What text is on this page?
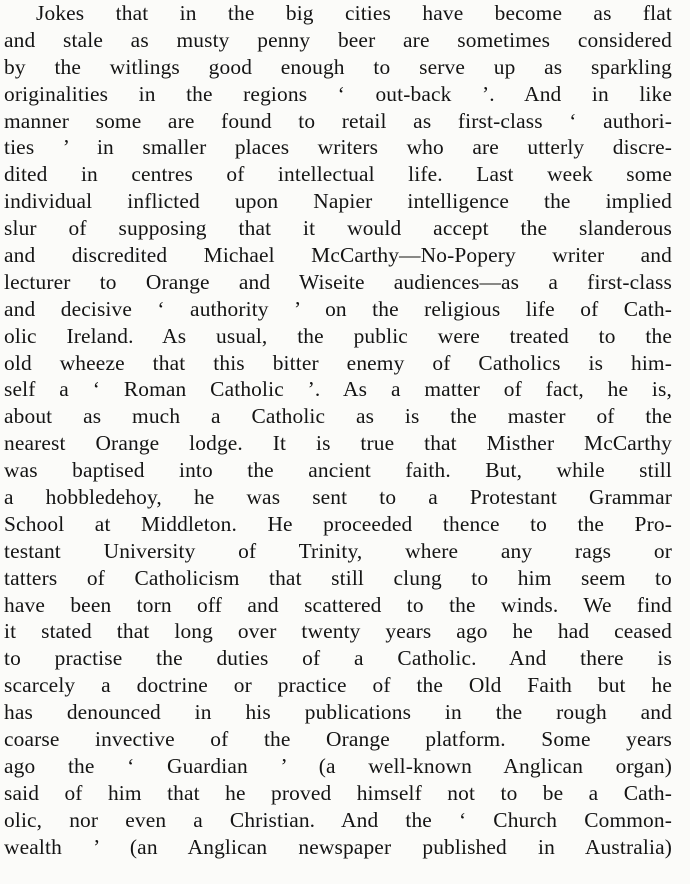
Jokes that in the big cities have become as flat
and stale as musty penny beer are sometimes considered
by the witlings good enough to serve up as sparkling
originalities in the regions ‘ out-back ’. And in like
manner some are found to retail as first-class ‘ authori-
ties ’ in smaller places writers who are utterly discre-
dited in centres of intellectual life. Last week some
individual inflicted upon Napier intelligence the implied
slur of supposing that it would accept the slanderous
and discredited Michael McCarthy—No-Popery writer and
lecturer to Orange and Wiseite audiences—as a first-class
and decisive ‘ authority ’ on the religious life of Cath-
olic Ireland. As usual, the public were treated to the
old wheeze that this bitter enemy of Catholics is him-
self a ‘ Roman Catholic ’. As a matter of fact, he is,
about as much a Catholic as is the master of the
nearest Orange lodge. It is true that Misther McCarthy
was baptised into the ancient faith. But, while still
a hobbledehoy, he was sent to a Protestant Grammar
School at Middleton. He proceeded thence to the Pro-
testant University of Trinity, where any rags or
tatters of Catholicism that still clung to him seem to
have been torn off and scattered to the winds. We find
it stated that long over twenty years ago he had ceased
to practise the duties of a Catholic. And there is
scarcely a doctrine or practice of the Old Faith but he
has denounced in his publications in the rough and
coarse invective of the Orange platform. Some years
ago the ‘ Guardian ’ (a well-known Anglican organ)
said of him that he proved himself not to be a Cath-
olic, nor even a Christian. And the ‘ Church Common-
wealth ’ (an Anglican newspaper published in Australia)
